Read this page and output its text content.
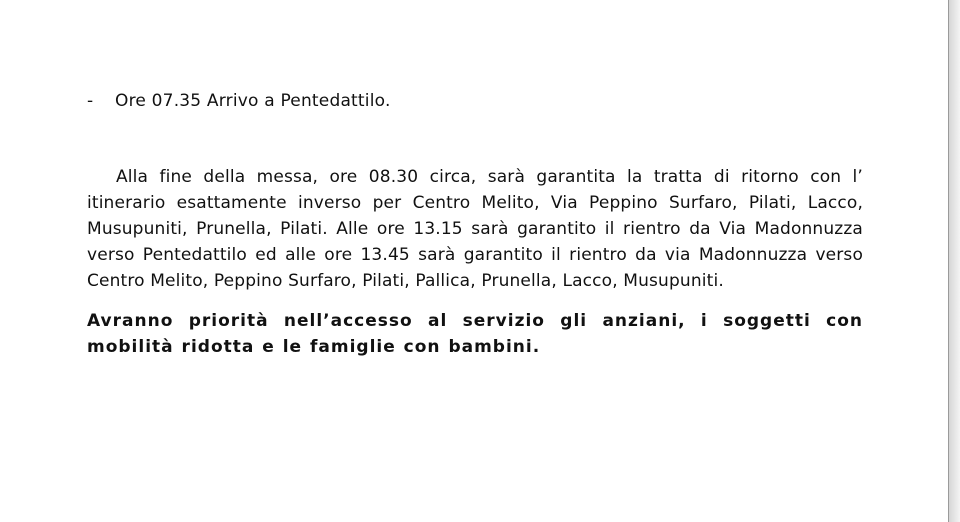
-	Ore 07.35 Arrivo a Pentedattilo.

Alla fine della messa, ore 08.30 circa, sarà garantita la tratta di ritorno con l’ itinerario esattamente inverso per Centro Melito, Via Peppino Surfaro, Pilati, Lacco, Musupuniti, Prunella, Pilati. Alle ore 13.15 sarà garantito il rientro da Via Madonnuzza verso Pentedattilo ed alle ore 13.45 sarà garantito il rientro da via Madonnuzza verso Centro Melito, Peppino Surfaro, Pilati, Pallica, Prunella, Lacco, Musupuniti.

Avranno priorità nell’accesso al servizio gli anziani, i soggetti con mobilità ridotta e le famiglie con bambini.
